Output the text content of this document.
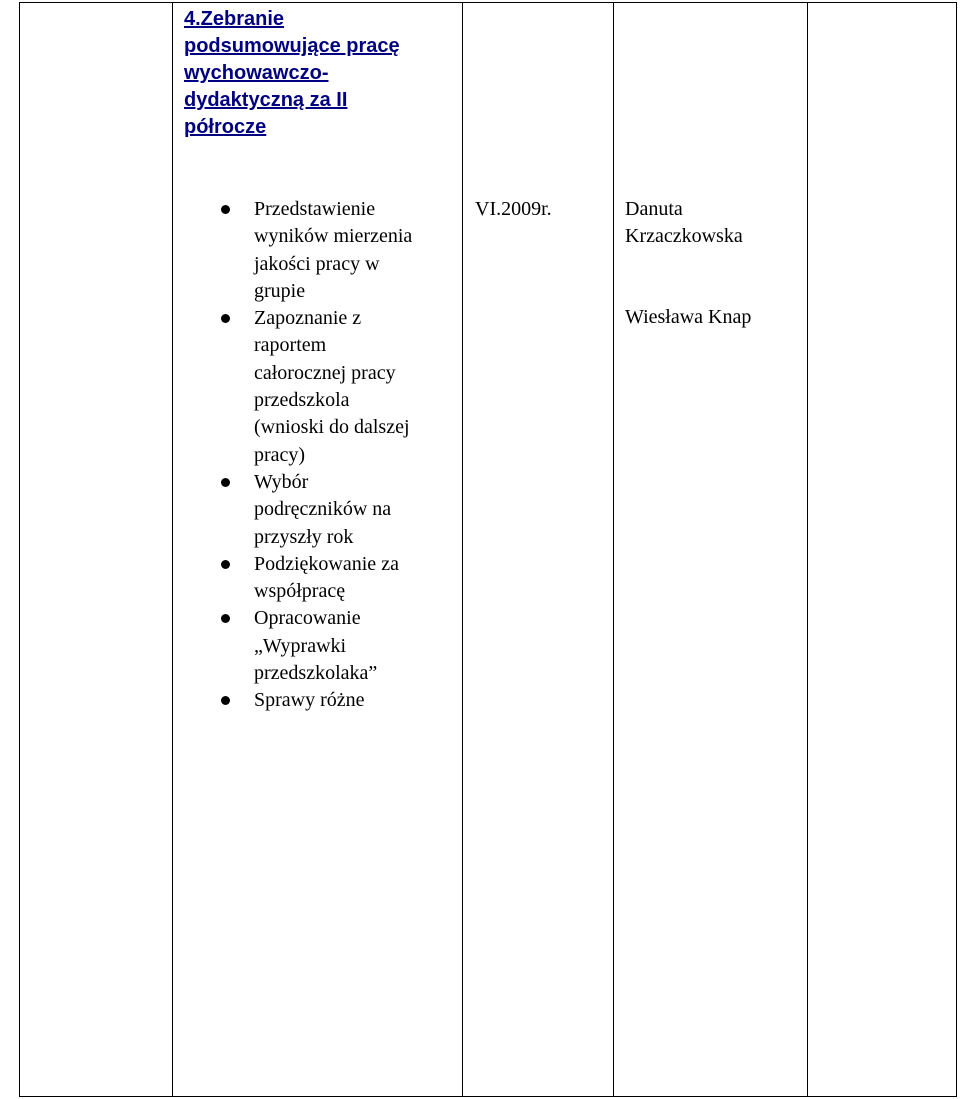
4.Zebranie
podsumowujące pracę
wychowawczo-
dydaktyczną za II
półrocze
Przedstawienie
wyników mierzenia
jakości pracy w
grupie
Zapoznanie z
raportem
całorocznej pracy
przedszkola
(wnioski do dalszej
pracy)
Wybór
podręczników na
przyszły rok
Podziękowanie za
współpracę
Opracowanie
„Wyprawki
przedszkolaka”
Sprawy różne
VI.2009r.	Danuta
Krzaczkowska
Wiesława Knap
